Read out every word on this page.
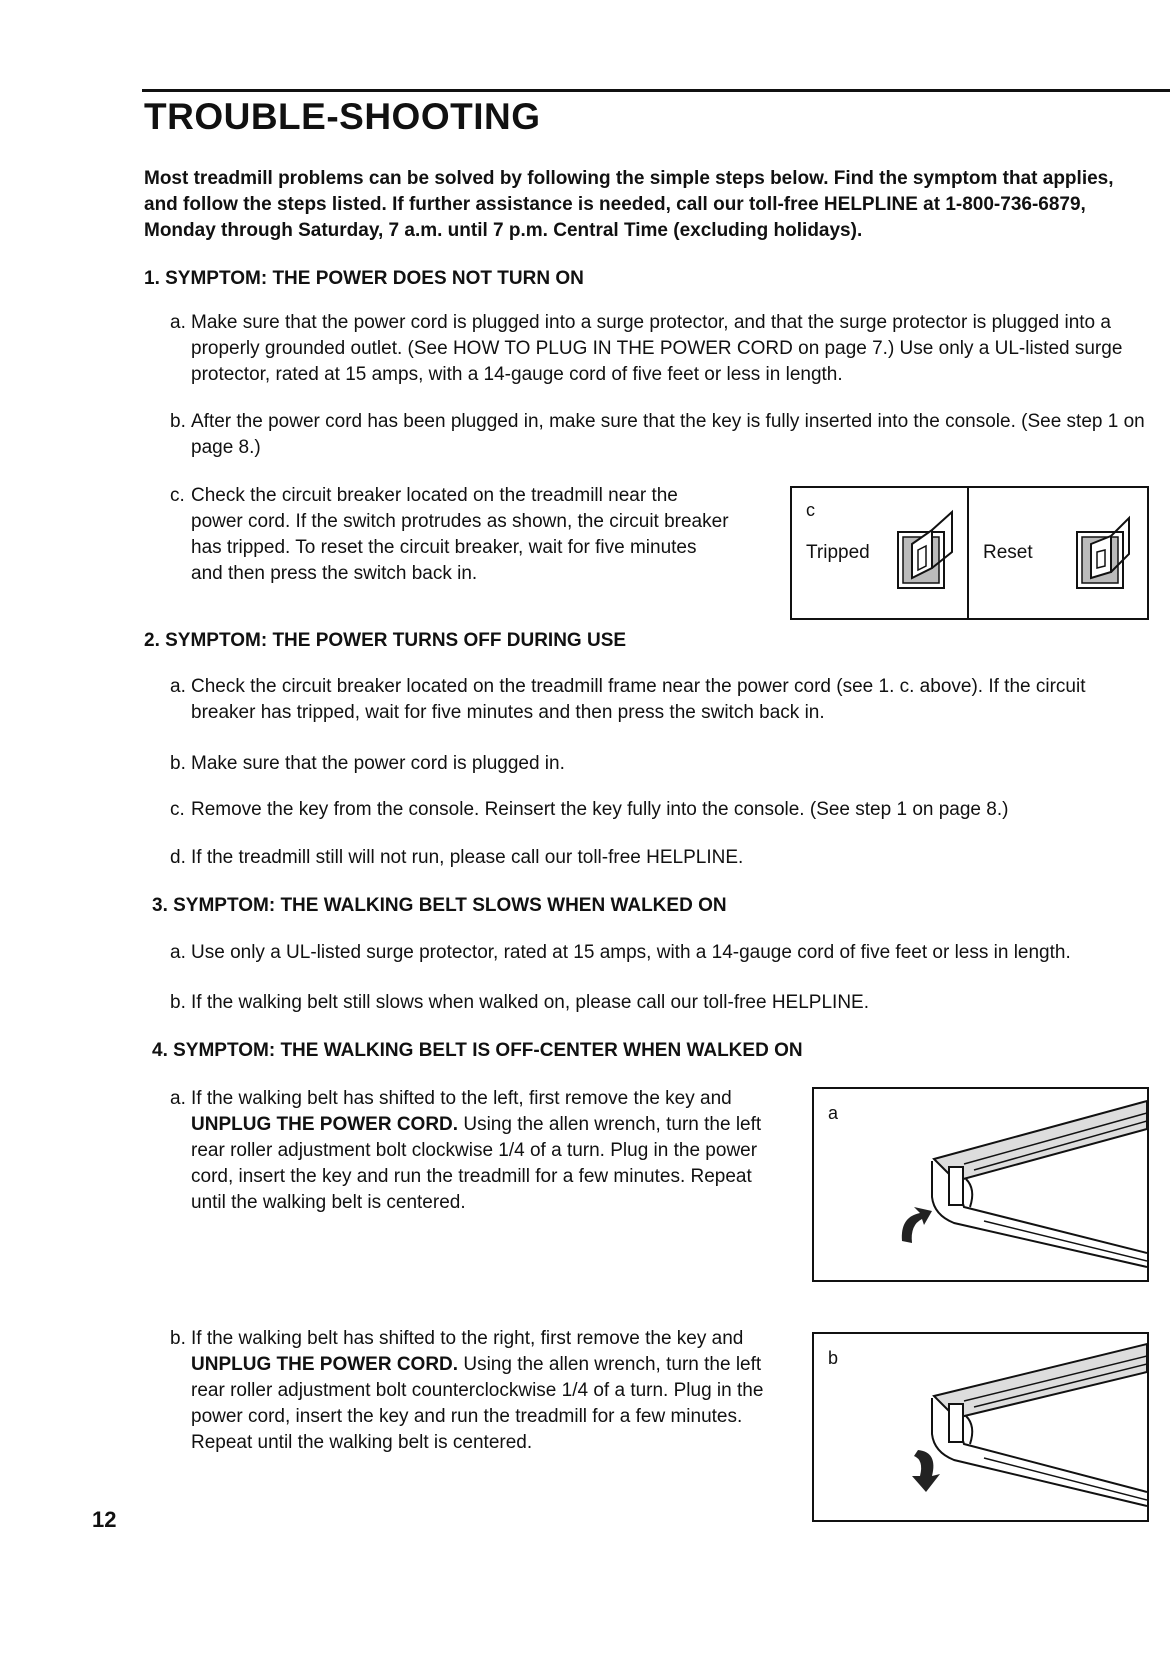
TROUBLE-SHOOTING

Most treadmill problems can be solved by following the simple steps below. Find the symptom that applies, and follow the steps listed. If further assistance is needed, call our toll-free HELPLINE at 1-800-736-6879, Monday through Saturday, 7 a.m. until 7 p.m. Central Time (excluding holidays).

1. SYMPTOM: THE POWER DOES NOT TURN ON
a. Make sure that the power cord is plugged into a surge protector, and that the surge protector is plugged into a properly grounded outlet. (See HOW TO PLUG IN THE POWER CORD on page 7.) Use only a UL-listed surge protector, rated at 15 amps, with a 14-gauge cord of five feet or less in length.
b. After the power cord has been plugged in, make sure that the key is fully inserted into the console. (See step 1 on page 8.)
c. Check the circuit breaker located on the treadmill near the power cord. If the switch protrudes as shown, the circuit breaker has tripped. To reset the circuit breaker, wait for five minutes and then press the switch back in.
c
Tripped	Reset
2. SYMPTOM: THE POWER TURNS OFF DURING USE
a. Check the circuit breaker located on the treadmill frame near the power cord (see 1. c. above). If the circuit breaker has tripped, wait for five minutes and then press the switch back in.
b. Make sure that the power cord is plugged in.
c. Remove the key from the console. Reinsert the key fully into the console. (See step 1 on page 8.)
d. If the treadmill still will not run, please call our toll-free HELPLINE.
3. SYMPTOM: THE WALKING BELT SLOWS WHEN WALKED ON
a. Use only a UL-listed surge protector, rated at 15 amps, with a 14-gauge cord of five feet or less in length.
b. If the walking belt still slows when walked on, please call our toll-free HELPLINE.
4. SYMPTOM: THE WALKING BELT IS OFF-CENTER WHEN WALKED ON
a. If the walking belt has shifted to the left, first remove the key and UNPLUG THE POWER CORD. Using the allen wrench, turn the left rear roller adjustment bolt clockwise 1/4 of a turn. Plug in the power cord, insert the key and run the treadmill for a few minutes. Repeat until the walking belt is centered.
b. If the walking belt has shifted to the right, first remove the key and UNPLUG THE POWER CORD. Using the allen wrench, turn the left rear roller adjustment bolt counterclockwise 1/4 of a turn. Plug in the power cord, insert the key and run the treadmill for a few minutes. Repeat until the walking belt is centered.
a
b
12
